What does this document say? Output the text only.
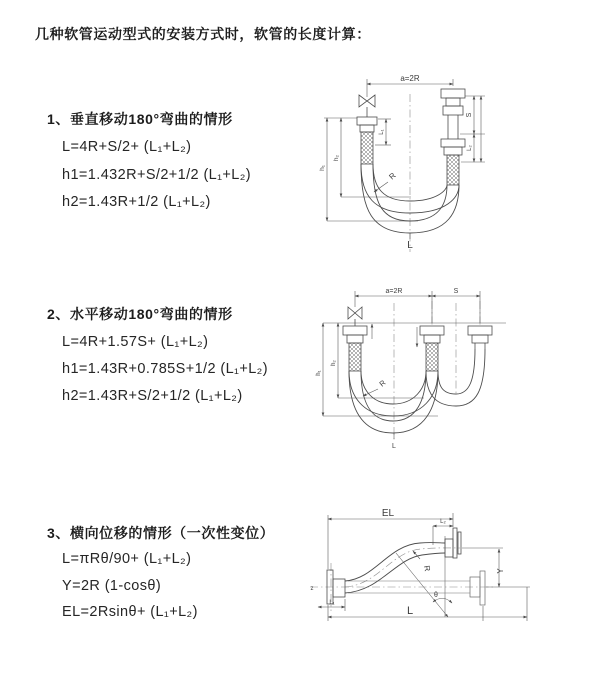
几种软管运动型式的安装方式时，软管的长度计算：
1、垂直移动180°弯曲的情形
L=4R+S/2+ (L₁+L₂)
h1=1.432R+S/2+1/2 (L₁+L₂)
h2=1.43R+1/2 (L₁+L₂)
a=2R
L₁
S
L₂
h₂
h₁
R
L
2、水平移动180°弯曲的情形
L=4R+1.57S+ (L₁+L₂)
h1=1.43R+0.785S+1/2 (L₁+L₂)
h2=1.43R+S/2+1/2 (L₁+L₂)
a=2R	S
h₂
h₁
R
L
3、横向位移的情形（一次性变位）
L=πRθ/90+ (L₁+L₂)
Y=2R (1-cosθ)
EL=2Rsinθ+ (L₁+L₂)
EL
L₂
Y
L₁
R
θ
L
z
